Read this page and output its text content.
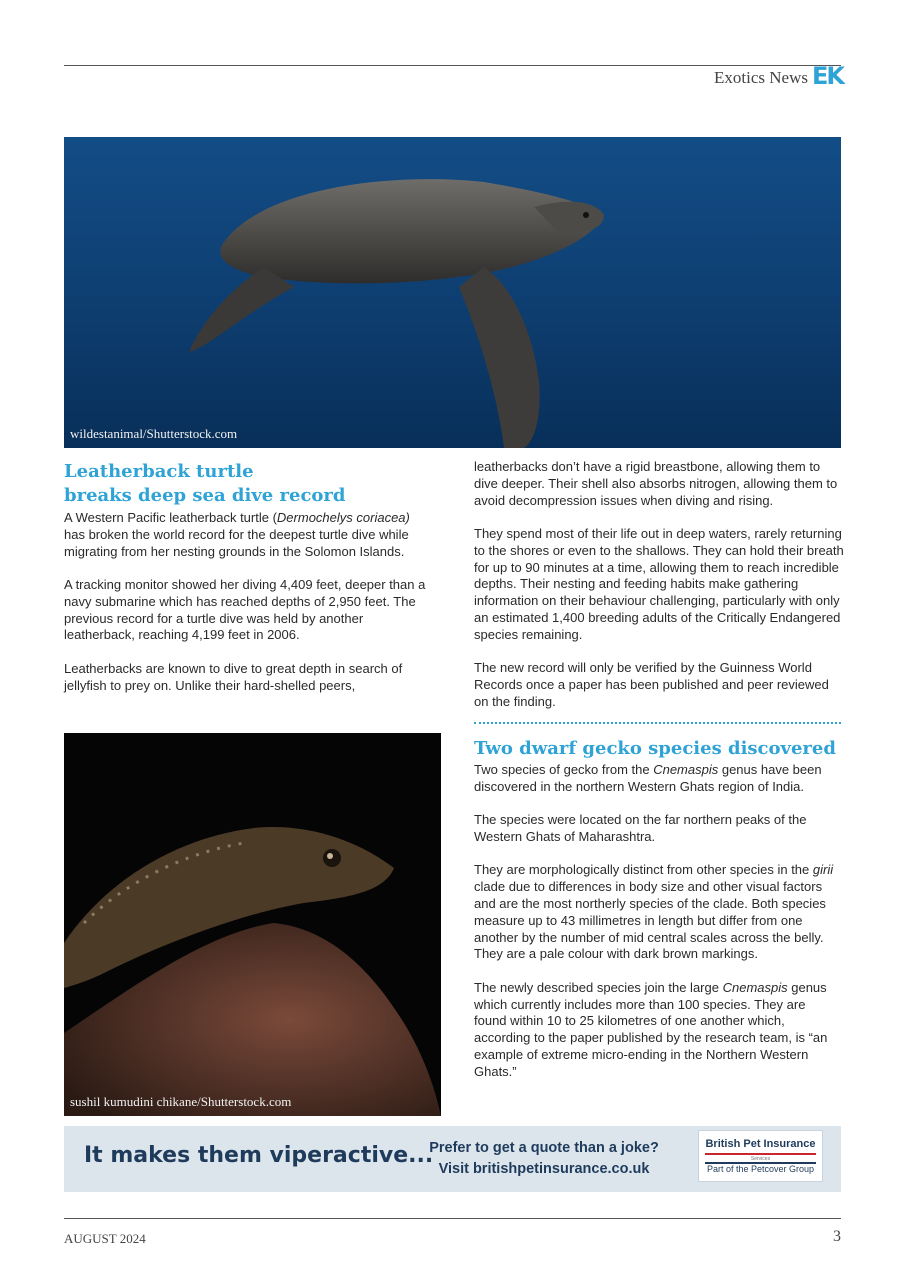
Exotics News EK
wildestanimal/Shutterstock.com
Leatherback turtle
breaks deep sea dive record

A Western Pacific leatherback turtle (Dermochelys coriacea) has broken the world record for the deepest turtle dive while migrating from her nesting grounds in the Solomon Islands.

A tracking monitor showed her diving 4,409 feet, deeper than a navy submarine which has reached depths of 2,950 feet. The previous record for a turtle dive was held by another leatherback, reaching 4,199 feet in 2006.

Leatherbacks are known to dive to great depth in search of jellyfish to prey on. Unlike their hard-shelled peers,

leatherbacks don’t have a rigid breastbone, allowing them to dive deeper. Their shell also absorbs nitrogen, allowing them to avoid decompression issues when diving and rising.

They spend most of their life out in deep waters, rarely returning to the shores or even to the shallows. They can hold their breath for up to 90 minutes at a time, allowing them to reach incredible depths. Their nesting and feeding habits make gathering information on their behaviour challenging, particularly with only an estimated 1,400 breeding adults of the Critically Endangered species remaining.

The new record will only be verified by the Guinness World Records once a paper has been published and peer reviewed on the finding.

sushil kumudini chikane/Shutterstock.com
Two dwarf gecko species discovered

Two species of gecko from the Cnemaspis genus have been discovered in the northern Western Ghats region of India.

The species were located on the far northern peaks of the Western Ghats of Maharashtra.

They are morphologically distinct from other species in the girii clade due to differences in body size and other visual factors and are the most northerly species of the clade. Both species measure up to 43 millimetres in length but differ from one another by the number of mid central scales across the belly. They are a pale colour with dark brown markings.

The newly described species join the large Cnemaspis genus which currently includes more than 100 species. They are found within 10 to 25 kilometres of one another which, according to the paper published by the research team, is “an example of extreme micro-ending in the Northern Western Ghats.”

It makes them viperactive...
Prefer to get a quote than a joke?
Visit britishpetinsurance.co.uk
British Pet Insurance
Services
Part of the Petcover Group
AUGUST 2024	3
